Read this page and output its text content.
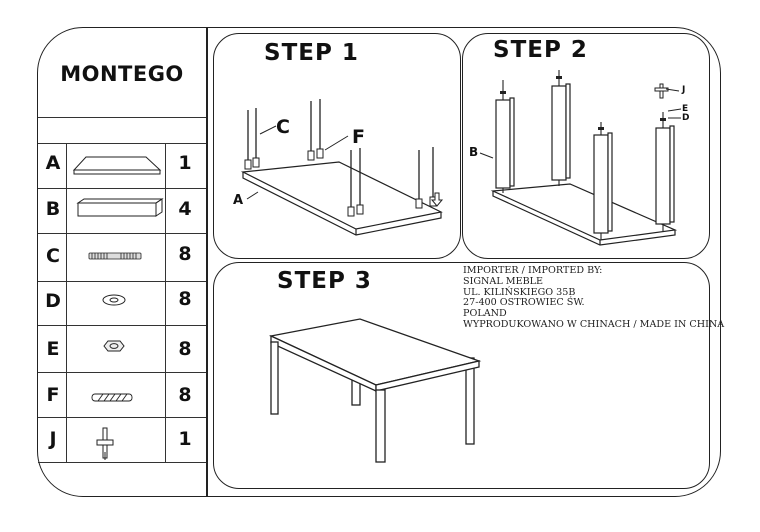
MONTEGO
A	1
B	4
C	8
D	8
E	8
F	8
J	1
STEP 1
C	F
A
STEP 2
B
J
E
D
STEP 3	IMPORTER / IMPORTED BY:
SIGNAL MEBLE
UL. KILIŃSKIEGO 35B
27-400 OSTROWIEC ŚW.
POLAND
WYPRODUKOWANO W CHINACH / MADE IN CHINA
